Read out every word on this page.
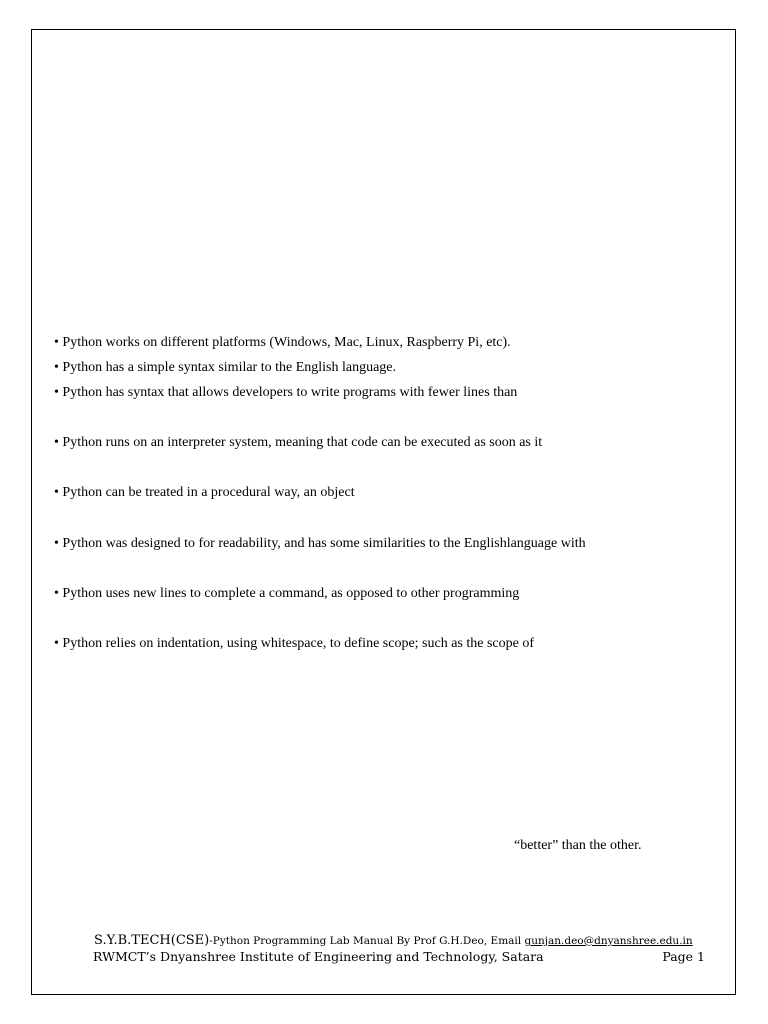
• Python works on different platforms (Windows, Mac, Linux, Raspberry Pi, etc).
• Python has a simple syntax similar to the English language.
• Python has syntax that allows developers to write programs with fewer lines than
• Python runs on an interpreter system, meaning that code can be executed as soon as it
• Python can be treated in a procedural way, an object
• Python was designed to for readability, and has some similarities to the Englishlanguage with
• Python uses new lines to complete a command, as opposed to other programming
• Python relies on indentation, using whitespace, to define scope; such as the scope of
“better” than the other.
S.Y.B.TECH(CSE)-Python Programming Lab Manual By Prof G.H.Deo, Email gunjan.deo@dnyanshree.edu.in
RWMCT’s Dnyanshree Institute of Engineering and Technology, Satara	Page 1
